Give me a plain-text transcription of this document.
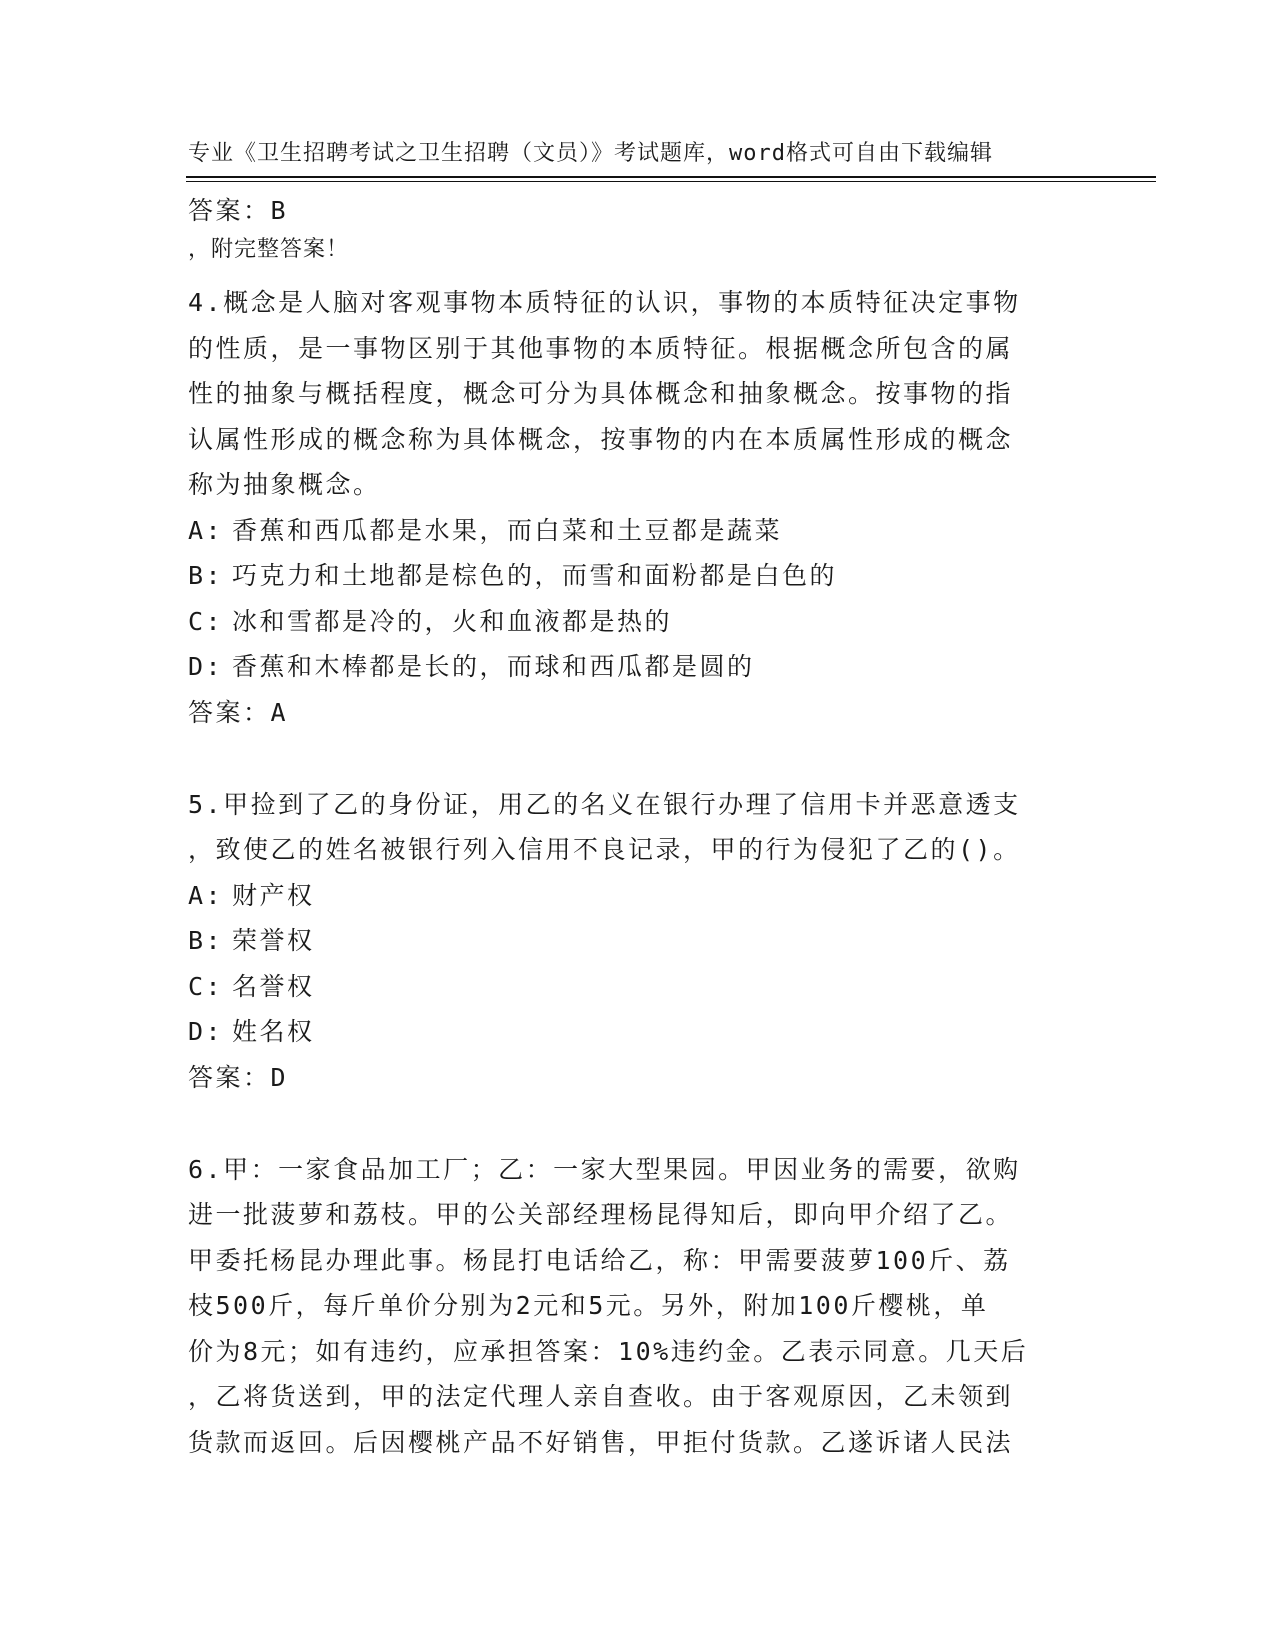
专业《卫生招聘考试之卫生招聘（文员）》考试题库，word格式可自由下载编辑

，附完整答案！

答案：B

4.概念是人脑对客观事物本质特征的认识，事物的本质特征决定事物

的性质，是一事物区别于其他事物的本质特征。根据概念所包含的属

性的抽象与概括程度，概念可分为具体概念和抽象概念。按事物的指

认属性形成的概念称为具体概念，按事物的内在本质属性形成的概念

称为抽象概念。

A: 香蕉和西瓜都是水果，而白菜和土豆都是蔬菜

B: 巧克力和土地都是棕色的，而雪和面粉都是白色的

C: 冰和雪都是冷的，火和血液都是热的

D: 香蕉和木棒都是长的，而球和西瓜都是圆的

答案：A

5.甲捡到了乙的身份证，用乙的名义在银行办理了信用卡并恶意透支

，致使乙的姓名被银行列入信用不良记录，甲的行为侵犯了乙的()。

A: 财产权

B: 荣誉权

C: 名誉权

D: 姓名权

答案：D

6.甲：一家食品加工厂；乙：一家大型果园。甲因业务的需要，欲购

进一批菠萝和荔枝。甲的公关部经理杨昆得知后，即向甲介绍了乙。

甲委托杨昆办理此事。杨昆打电话给乙，称：甲需要菠萝100斤、荔

枝500斤，每斤单价分别为2元和5元。另外，附加100斤樱桃，单

价为8元；如有违约，应承担答案：10%违约金。乙表示同意。几天后

，乙将货送到，甲的法定代理人亲自查收。由于客观原因，乙未领到

货款而返回。后因樱桃产品不好销售，甲拒付货款。乙遂诉诸人民法
